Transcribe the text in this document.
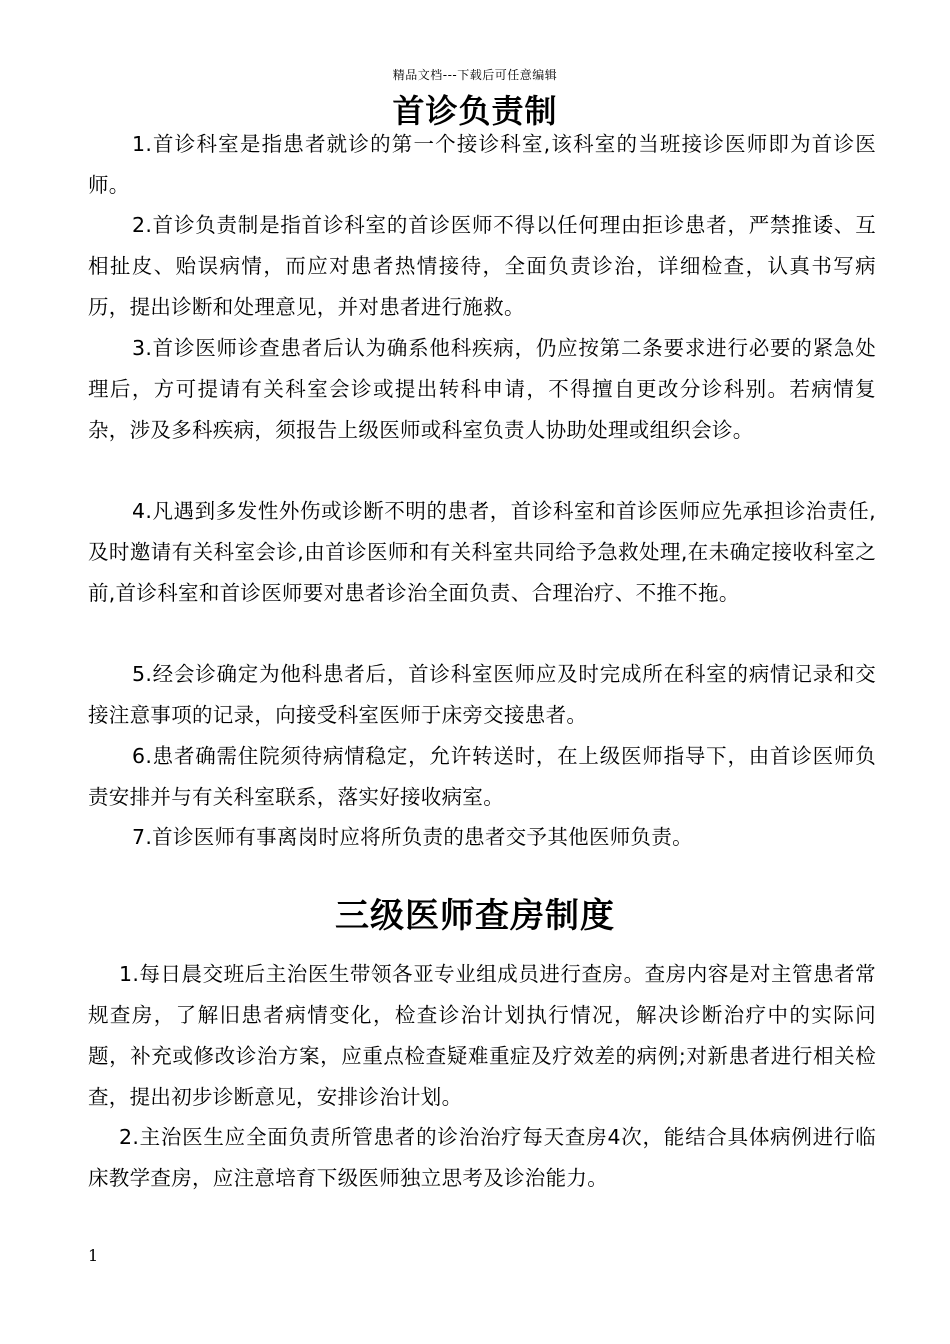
精品文档---下载后可任意编辑
首诊负责制

1.首诊科室是指患者就诊的第一个接诊科室,该科室的当班接诊医师即为首诊医师。

2.首诊负责制是指首诊科室的首诊医师不得以任何理由拒诊患者，严禁推诿、互相扯皮、贻误病情，而应对患者热情接待，全面负责诊治，详细检查，认真书写病历，提出诊断和处理意见，并对患者进行施救。

3.首诊医师诊查患者后认为确系他科疾病，仍应按第二条要求进行必要的紧急处理后，方可提请有关科室会诊或提出转科申请，不得擅自更改分诊科别。若病情复杂，涉及多科疾病，须报告上级医师或科室负责人协助处理或组织会诊。

4.凡遇到多发性外伤或诊断不明的患者，首诊科室和首诊医师应先承担诊治责任,及时邀请有关科室会诊,由首诊医师和有关科室共同给予急救处理,在未确定接收科室之前,首诊科室和首诊医师要对患者诊治全面负责、合理治疗、不推不拖。

5.经会诊确定为他科患者后，首诊科室医师应及时完成所在科室的病情记录和交接注意事项的记录，向接受科室医师于床旁交接患者。

6.患者确需住院须待病情稳定，允许转送时，在上级医师指导下，由首诊医师负责安排并与有关科室联系，落实好接收病室。

7.首诊医师有事离岗时应将所负责的患者交予其他医师负责。

三级医师查房制度

1.每日晨交班后主治医生带领各亚专业组成员进行查房。查房内容是对主管患者常规查房，了解旧患者病情变化，检查诊治计划执行情况，解决诊断治疗中的实际问题，补充或修改诊治方案，应重点检查疑难重症及疗效差的病例;对新患者进行相关检查，提出初步诊断意见，安排诊治计划。

2.主治医生应全面负责所管患者的诊治治疗每天查房4次，能结合具体病例进行临床教学查房，应注意培育下级医师独立思考及诊治能力。

1
